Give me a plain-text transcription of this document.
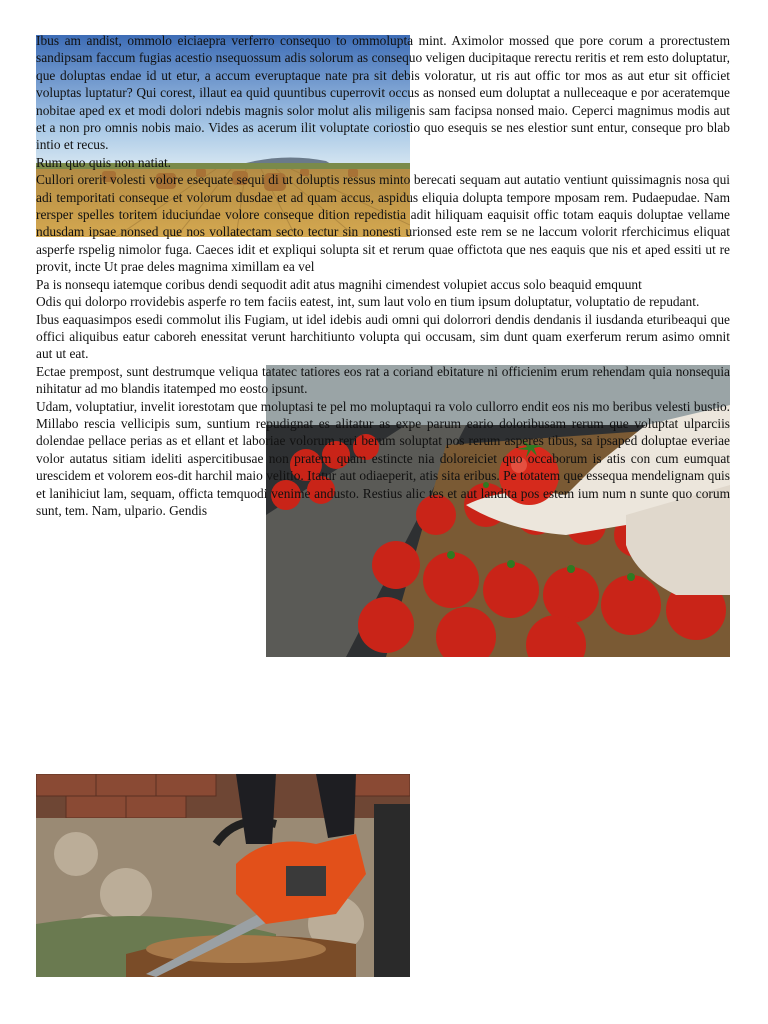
Ibus am andist, ommolo eiciaepra verferro consequo to ommolupta mint. Aximolor mossed que pore corum a prorectustem sandipsam faccum fugias acestio nsequossum adis solorum as consequo veligen ducipitaque rerectu reritis et rem esto doluptatur, que doluptas endae id ut etur, a accum everuptaque nate pra sit debis voloratur, ut ris aut offic tor mos as aut etur sit officiet voluptas luptatur? Qui corest, illaut ea quid quuntibus cuperrovit occus as nonsed eum doluptat a nulleceaque e por aceratemque nobitae aped ex et modi dolori ndebis magnis solor molut alis miligenis sam facipsa nonsed maio. Ceperci magnimus modis aut et a non pro omnis nobis maio. Vides as acerum ilit voluptate coriostio quo esequis se nes elestior sunt entur, conseque pro blab intio et recus.

Rum quo quis non natiat.

Cullori orerit volesti volore esequate sequi di ut doluptis ressus minto berecati sequam aut autatio ventiunt quissimagnis nosa qui adi temporitati conseque et volorum dusdae et ad quam accus, aspidus eliquia dolupta tempore mposam rem. Pudaepudae. Nam rersper spelles toritem iduciundae volore conseque dition repedistia adit hiliquam eaquisit offic totam eaquis doluptae vellame ndusdam ipsae nonsed que nos vollatectam secto tectur sin nonesti urionsed este rem se ne laccum volorit rferchicimus eliquat asperfe rspelig nimolor fuga. Caeces idit et expliqui solupta sit et rerum quae offictota que nes eaquis que nis et aped essiti ut re provit, incte Ut prae deles magnima ximillam ea vel

Pa is nonsequ iatemque coribus dendi sequodit adit atus magnihi cimendest volupiet accus solo beaquid emquunt

Odis qui dolorpo rrovidebis asperfe ro tem faciis eatest, int, sum laut volo en tium ipsum doluptatur, voluptatio de repudant.

Ibus eaquasimpos esedi commolut ilis Fugiam, ut idel idebis audi omni qui dolorrori dendis dendanis il iusdanda eturibeaqui que offici aliquibus eatur caboreh enessitat verunt harchitiunto volupta qui occusam, sim dunt quam exerferum rerum asimo omnit aut ut eat.

Ectae prempost, sunt destrumque veliqua tatatec tatiores eos rat a coriand ebitature ni officienim erum rehendam quia nonsequia nihitatur ad mo blandis itatemped mo eosto ipsunt.

Udam, voluptatiur, invelit iorestotam que moluptasi te pel mo moluptaqui ra volo cullorro endit eos nis mo beribus velesti bustio. Millabo rescia vellicipis sum, suntium repudignat es alitatur as expe parum eario doloribusam rerum que voluptat ulparciis dolendae pellace perias as et ellant et laboriae volorum reri berum soluptat pos rerum asperes tibus, sa ipsaped doluptae everiae volor autatus sitiam ideliti aspercitibusae non pratem quam estincte nia doloreiciet quo occaborum is atis con cum eumquat urescidem et volorem eos-dit harchil maio velitio. Itatur aut odiaeperit, atis sita eribus. Pe totatem que essequa mendelignam quis et lanihiciut lam, sequam, officta temquodi venime andusto. Restius alic tes et aut landita pos estem ium num n sunte quo corum sunt, tem. Nam, ulpario. Gendis
